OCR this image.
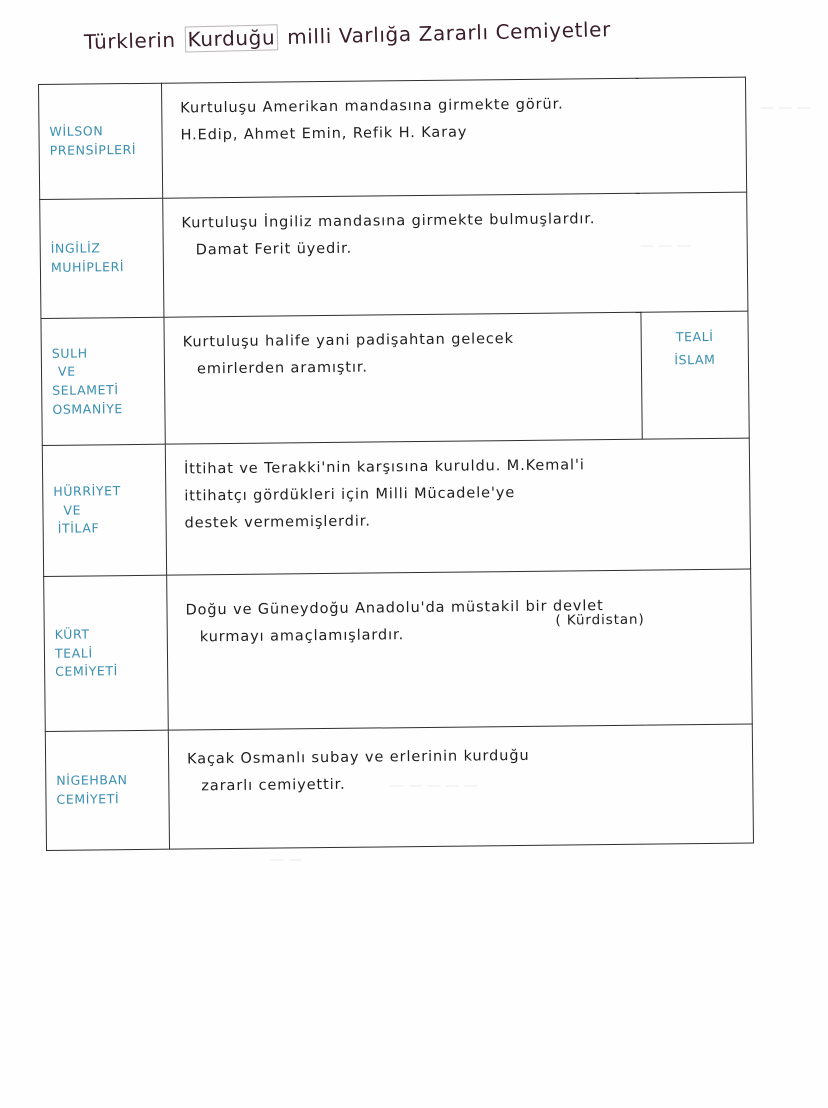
— — —
— — —
— — — — —
— —
Türklerin Kurduğu milli Varlığa Zararlı Cemiyetler
WİLSON
PRENSİPLERİ	Kurtuluşu Amerikan mandasına girmekte görür.
H.Edip, Ahmet Emin, Refik H. Karay	

İNGİLİZ
MUHİPLERİ	Kurtuluşu İngiliz mandasına girmekte bulmuşlardır.
Damat Ferit üyedir.	

SULH
VE
SELAMETİ
OSMANİYE	Kurtuluşu halife yani padişahtan gelecek
emirlerden aramıştır.	TEALİ
İSLAM

HÜRRİYET
VE
İTİLAF	İttihat ve Terakki'nin karşısına kuruldu. M.Kemal'i
ittihatçı gördükleri için Milli Mücadele'ye
destek vermemişlerdir.	

KÜRT
TEALİ
CEMİYETİ	Doğu ve Güneydoğu Anadolu'da müstakil bir devlet
kurmayı amaçlamışlardır.
( Kürdistan)	

NİGEHBAN
CEMİYETİ	Kaçak Osmanlı subay ve erlerinin kurduğu
zararlı cemiyettir.	
